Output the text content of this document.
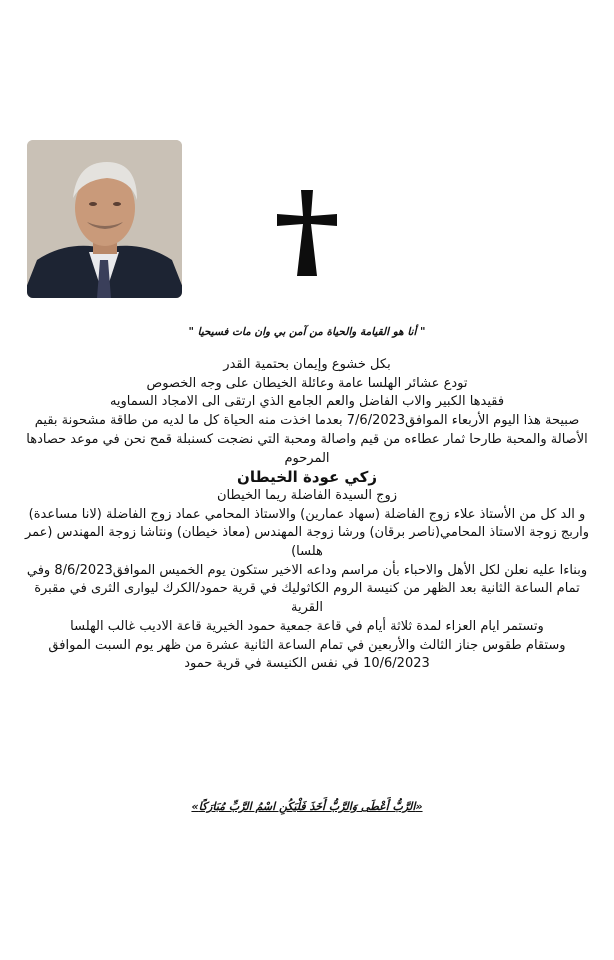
" أنا هو القيامة والحياة من آمن بي وان مات فسيحيا "

بكل خشوع وإيمان بحتمية القدر

تودع عشائر الهلسا عامة وعائلة الخيطان على وجه الخصوص

فقيدها الكبير والاب الفاضل والعم الجامع الذي ارتقى الى الامجاد السماويه

صبيحة هذا اليوم الأربعاء الموافق7/6/2023 بعدما اخذت منه الحياة كل ما لديه من طاقة مشحونة بقيم الأصالة والمحبة طارحا ثمار عطاءه من قيم واصالة ومحبة التي نضجت كسنبلة قمح نحن في موعد حصادها

المرحوم

زكي عودة الخيطان

زوج السيدة الفاضلة ريما الخيطان

و الد كل من الأستاذ علاء زوج الفاضلة (سهاد عمارين) والاستاذ المحامي عماد زوج الفاضلة (لانا مساعدة)

واربج زوجة الاستاذ المحامي(ناصر برقان) ورشا زوجة المهندس (معاذ خيطان) ونتاشا زوجة المهندس (عمر هلسا)

وبناءا عليه نعلن لكل الأهل والاحباء بأن مراسم وداعه الاخير ستكون يوم الخميس الموافق8/6/2023 وفي تمام الساعة الثانية بعد الظهر من كنيسة الروم الكاثوليك في قرية حمود/الكرك ليوارى الثرى في مقبرة القرية

وتستمر ايام العزاء لمدة ثلاثة أيام في قاعة جمعية حمود الخيرية قاعة الاديب غالب الهلسا

وستقام طقوس جناز الثالث والأربعين في تمام الساعة الثانية عشرة من ظهر يوم السبت الموافق 10/6/2023 في نفس الكنيسة في قرية حمود

«الرَّبُّ أَعْطَى وَالرَّبُّ أَخَذَ فَلْيَكُنِ اسْمُ الرَّبِّ مُبَارَكًا»
